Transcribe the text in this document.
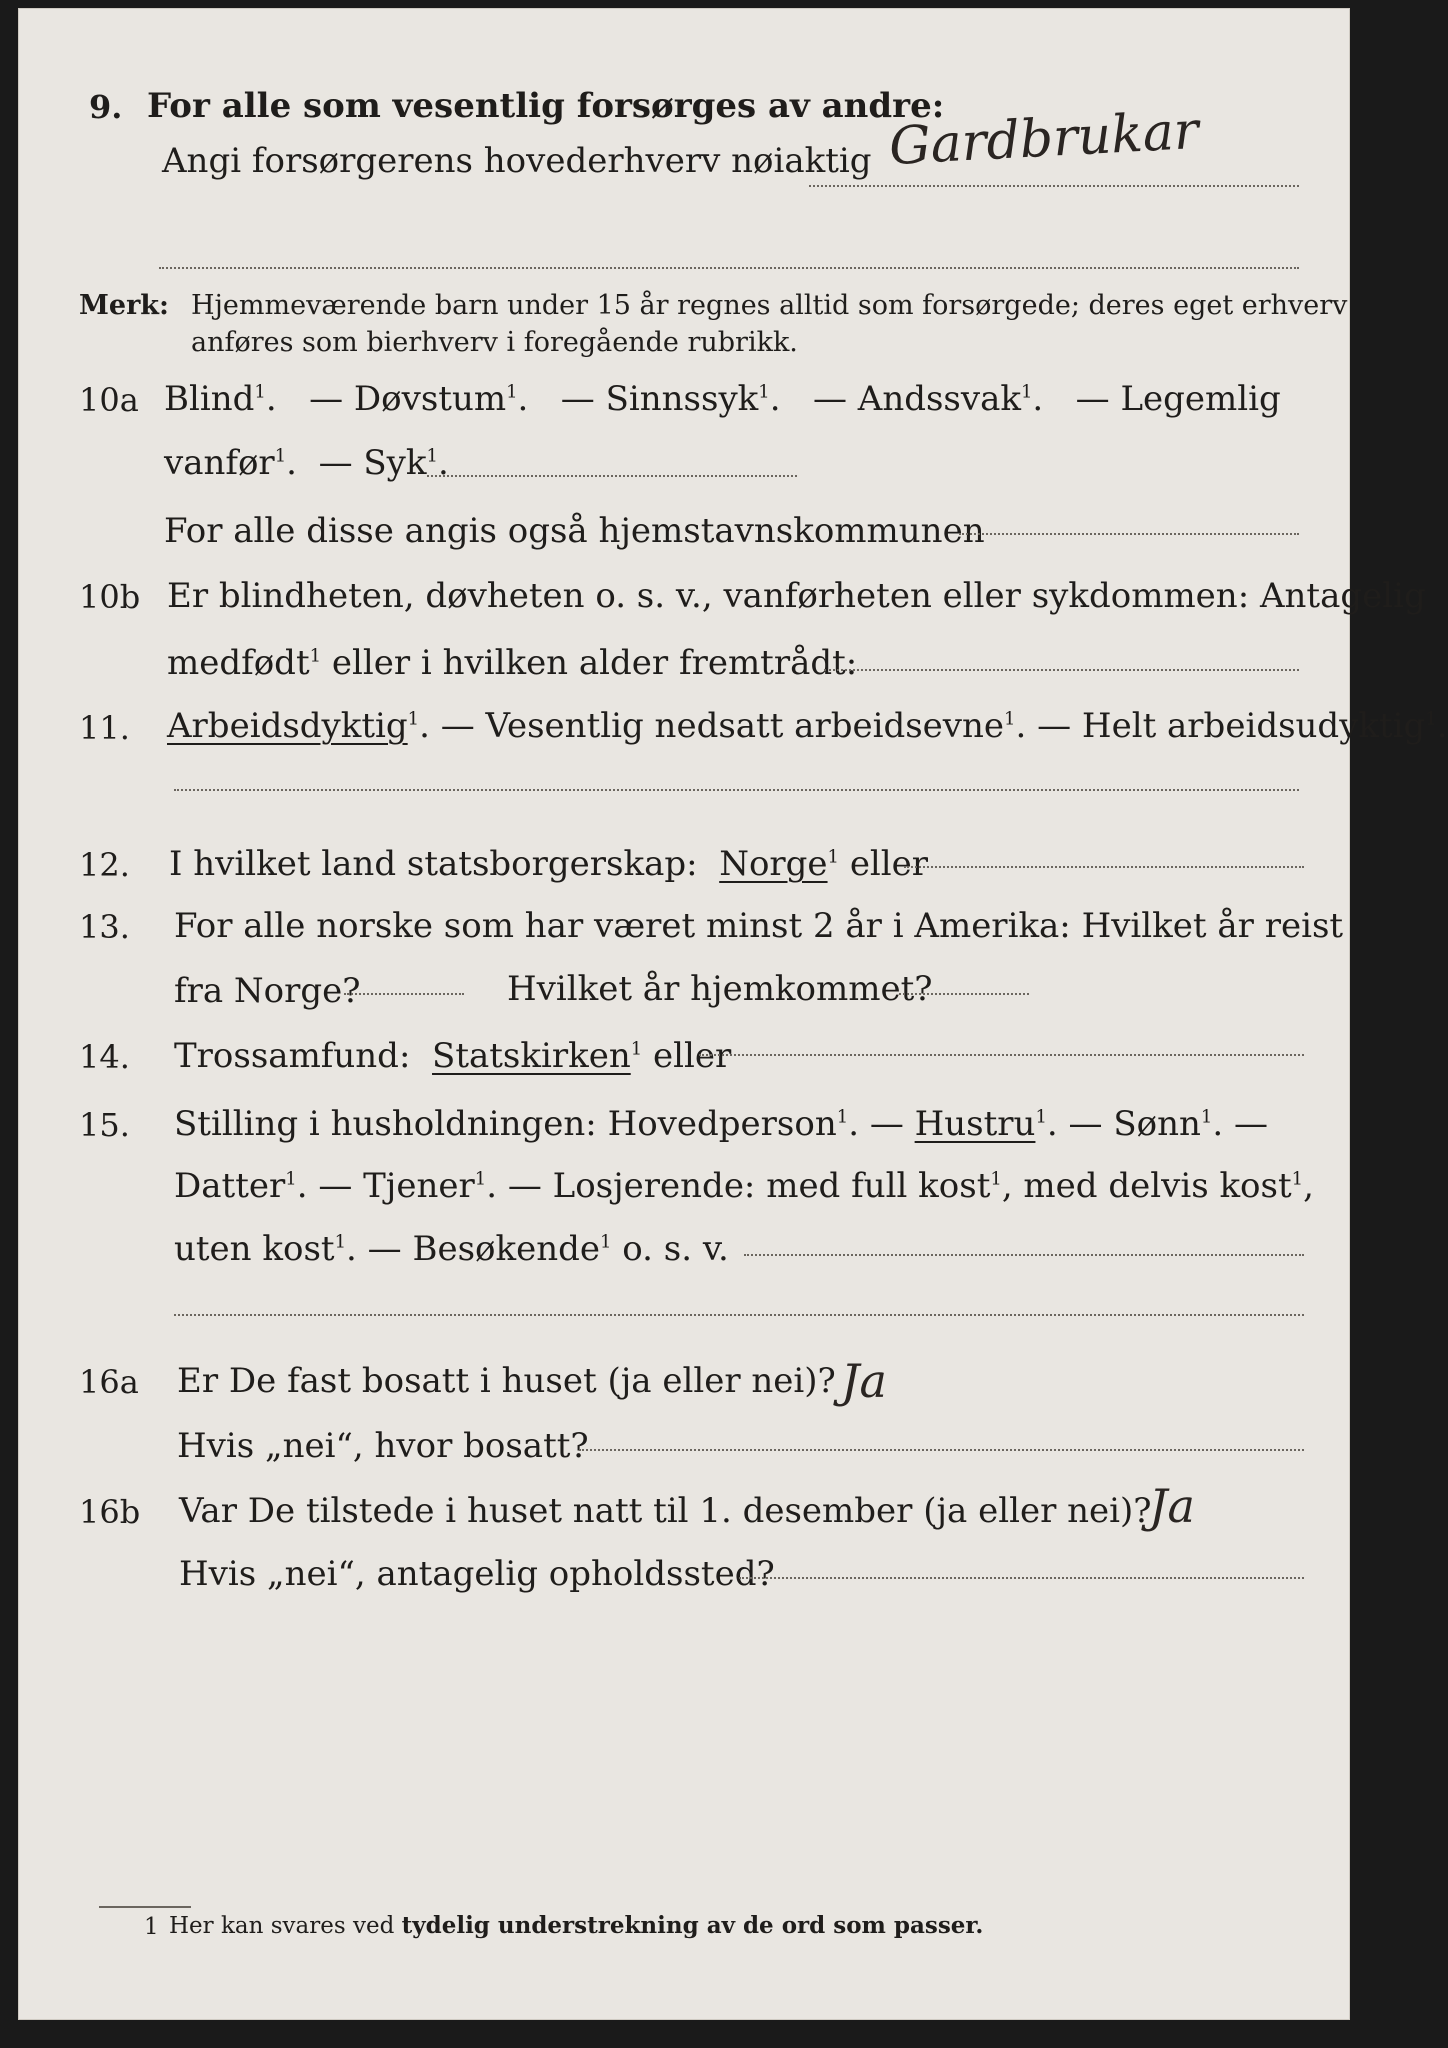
9. For alle som vesentlig forsørges av andre:
Angi forsørgerens hovederhverv nøiaktig Gardbrukar
Merk: Hjemmeværende barn under 15 år regnes alltid som forsørgede; deres eget erhverv
anføres som bierhverv i foregående rubrikk.
10a Blind$^1$.   — Døvstum$^1$.   — Sinnssyk$^1$.   — Andssvak$^1$.   — Legemlig
vanfør$^1$.  — Syk$^1$.
For alle disse angis også hjemstavnskommunen
10b Er blindheten, døvheten o. s. v., vanførheten eller sykdommen: Antagelig
medfødt$^1$ eller i hvilken alder fremtrådt:
11. Arbeidsdyktig$^1$. — Vesentlig nedsatt arbeidsevne$^1$. — Helt arbeidsudyktig$^1$.
12. I hvilket land statsborgerskap: Norge$^1$ eller
13. For alle norske som har været minst 2 år i Amerika: Hvilket år reist
fra Norge?	Hvilket år hjemkommet?
14. Trossamfund: Statskirken$^1$ eller
15. Stilling i husholdningen: Hovedperson$^1$. — Hustru$^1$. — Sønn$^1$. —
Datter$^1$. — Tjener$^1$. — Losjerende: med full kost$^1$, med delvis kost$^1$,
uten kost$^1$. — Besøkende$^1$ o. s. v.
16a Er De fast bosatt i huset (ja eller nei)? Ja
Hvis „nei“, hvor bosatt?
16b Var De tilstede i huset natt til 1. desember (ja eller nei)?
Ja
Hvis „nei“, antagelig opholdssted?
1 Her kan svares ved tydelig understrekning av de ord som passer.
